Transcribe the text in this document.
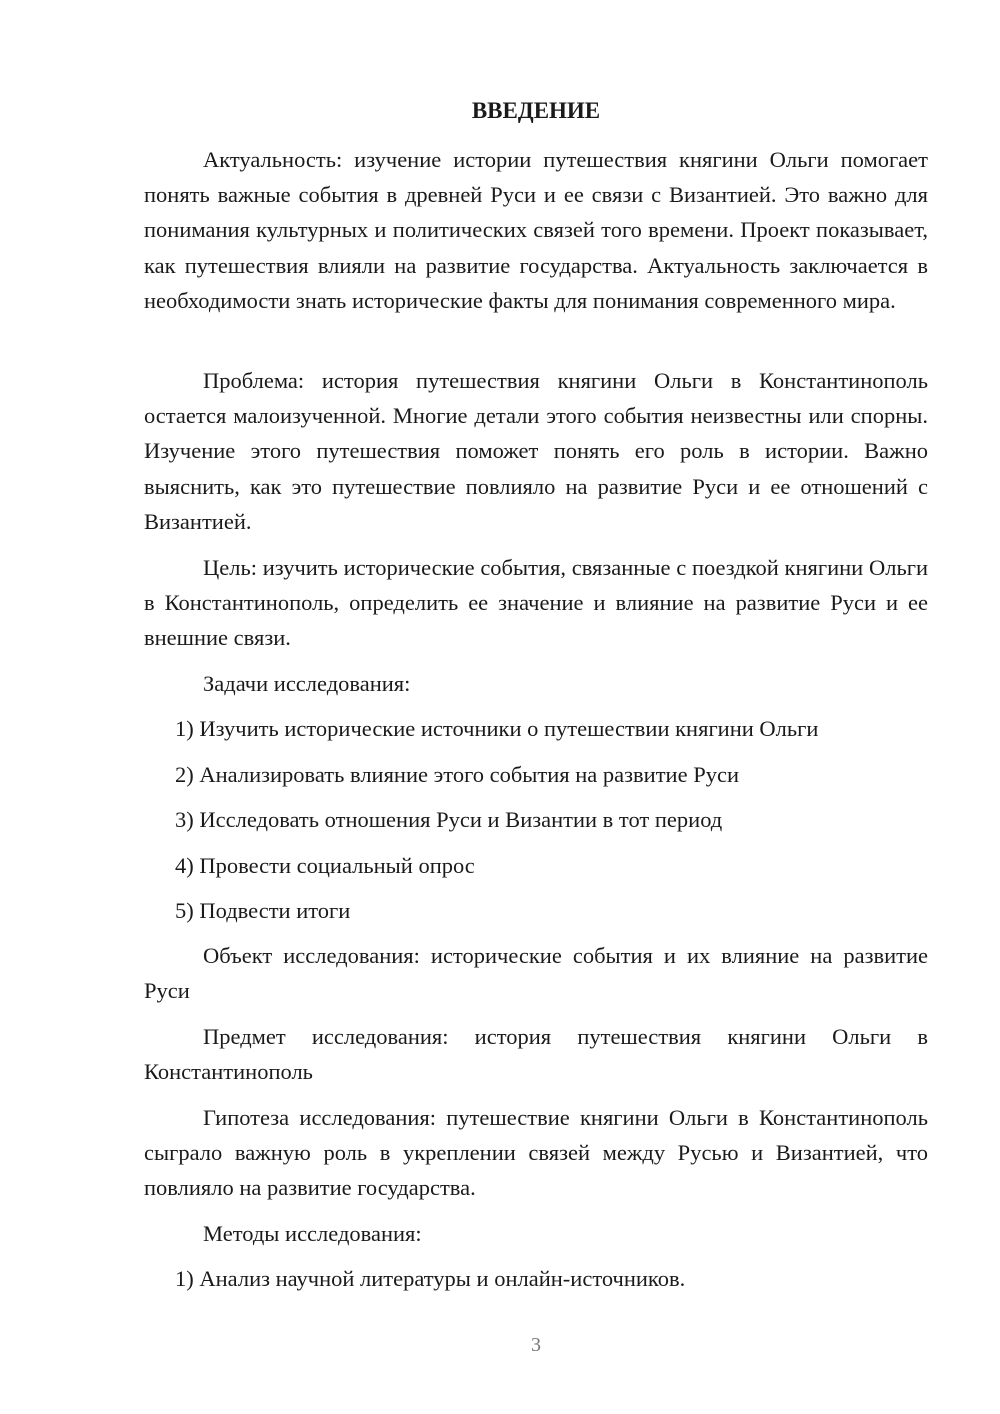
ВВЕДЕНИЕ

Актуальность: изучение истории путешествия княгини Ольги помогает понять важные события в древней Руси и ее связи с Византией. Это важно для понимания культурных и политических связей того времени. Проект показывает, как путешествия влияли на развитие государства. Актуальность заключается в необходимости знать исторические факты для понимания современного мира.

Проблема: история путешествия княгини Ольги в Константинополь остается малоизученной. Многие детали этого события неизвестны или спорны. Изучение этого путешествия поможет понять его роль в истории. Важно выяснить, как это путешествие повлияло на развитие Руси и ее отношений с Византией.

Цель: изучить исторические события, связанные с поездкой княгини Ольги в Константинополь, определить ее значение и влияние на развитие Руси и ее внешние связи.

Задачи исследования:

1) Изучить исторические источники о путешествии княгини Ольги

2) Анализировать влияние этого события на развитие Руси

3) Исследовать отношения Руси и Византии в тот период

4) Провести социальный опрос

5) Подвести итоги

Объект исследования: исторические события и их влияние на развитие Руси

Предмет исследования: история путешествия княгини Ольги в Константинополь

Гипотеза исследования: путешествие княгини Ольги в Константинополь сыграло важную роль в укреплении связей между Русью и Византией, что повлияло на развитие государства.

Методы исследования:

1) Анализ научной литературы и онлайн-источников.

3
